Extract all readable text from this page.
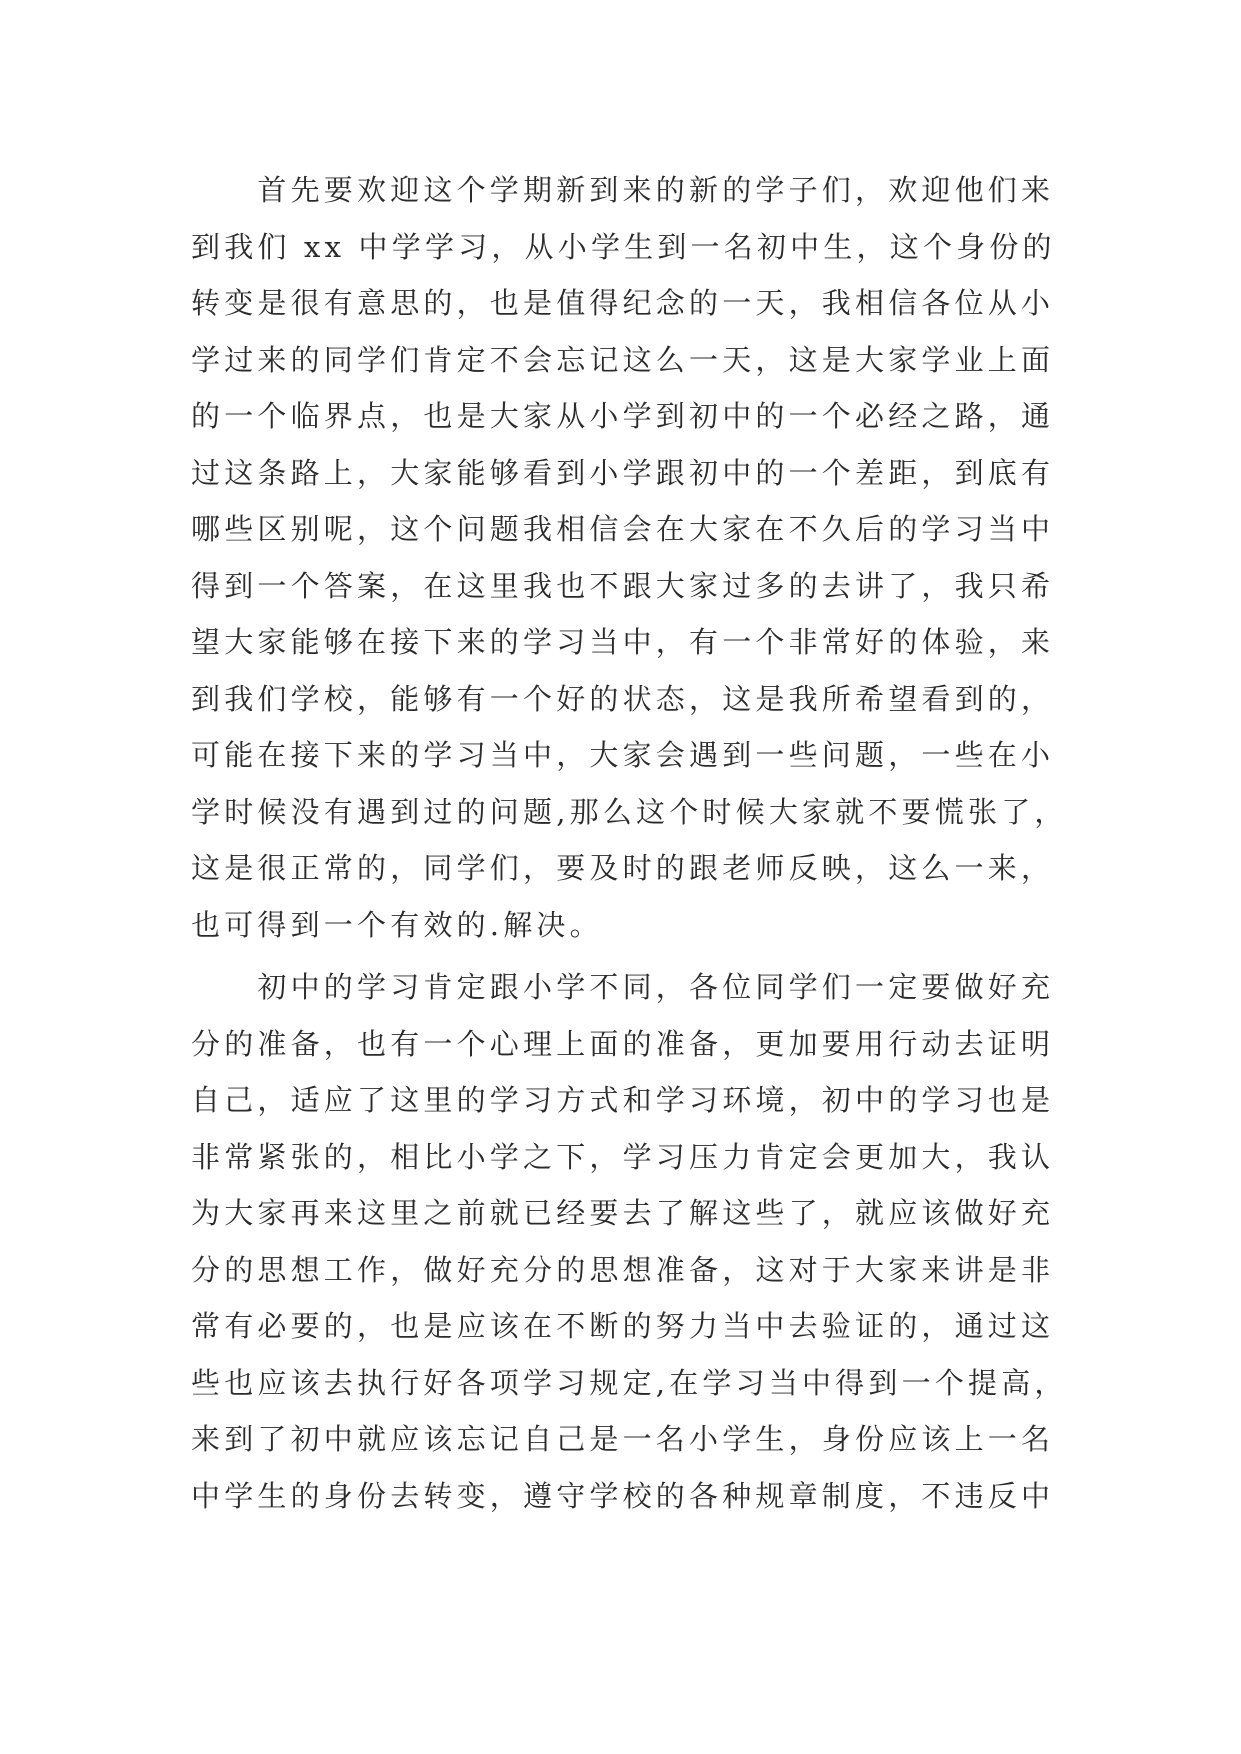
　　首先要欢迎这个学期新到来的新的学子们，欢迎他们来
到我们 xx 中学学习，从小学生到一名初中生，这个身份的
转变是很有意思的，也是值得纪念的一天，我相信各位从小
学过来的同学们肯定不会忘记这么一天，这是大家学业上面
的一个临界点，也是大家从小学到初中的一个必经之路，通
过这条路上，大家能够看到小学跟初中的一个差距，到底有
哪些区别呢，这个问题我相信会在大家在不久后的学习当中
得到一个答案，在这里我也不跟大家过多的去讲了，我只希
望大家能够在接下来的学习当中，有一个非常好的体验，来
到我们学校，能够有一个好的状态，这是我所希望看到的，
可能在接下来的学习当中，大家会遇到一些问题，一些在小
学时候没有遇到过的问题,那么这个时候大家就不要慌张了，
这是很正常的，同学们，要及时的跟老师反映，这么一来，
也可得到一个有效的.解决。
　　初中的学习肯定跟小学不同，各位同学们一定要做好充
分的准备，也有一个心理上面的准备，更加要用行动去证明
自己，适应了这里的学习方式和学习环境，初中的学习也是
非常紧张的，相比小学之下，学习压力肯定会更加大，我认
为大家再来这里之前就已经要去了解这些了，就应该做好充
分的思想工作，做好充分的思想准备，这对于大家来讲是非
常有必要的，也是应该在不断的努力当中去验证的，通过这
些也应该去执行好各项学习规定,在学习当中得到一个提高，
来到了初中就应该忘记自己是一名小学生，身份应该上一名
中学生的身份去转变，遵守学校的各种规章制度，不违反中
